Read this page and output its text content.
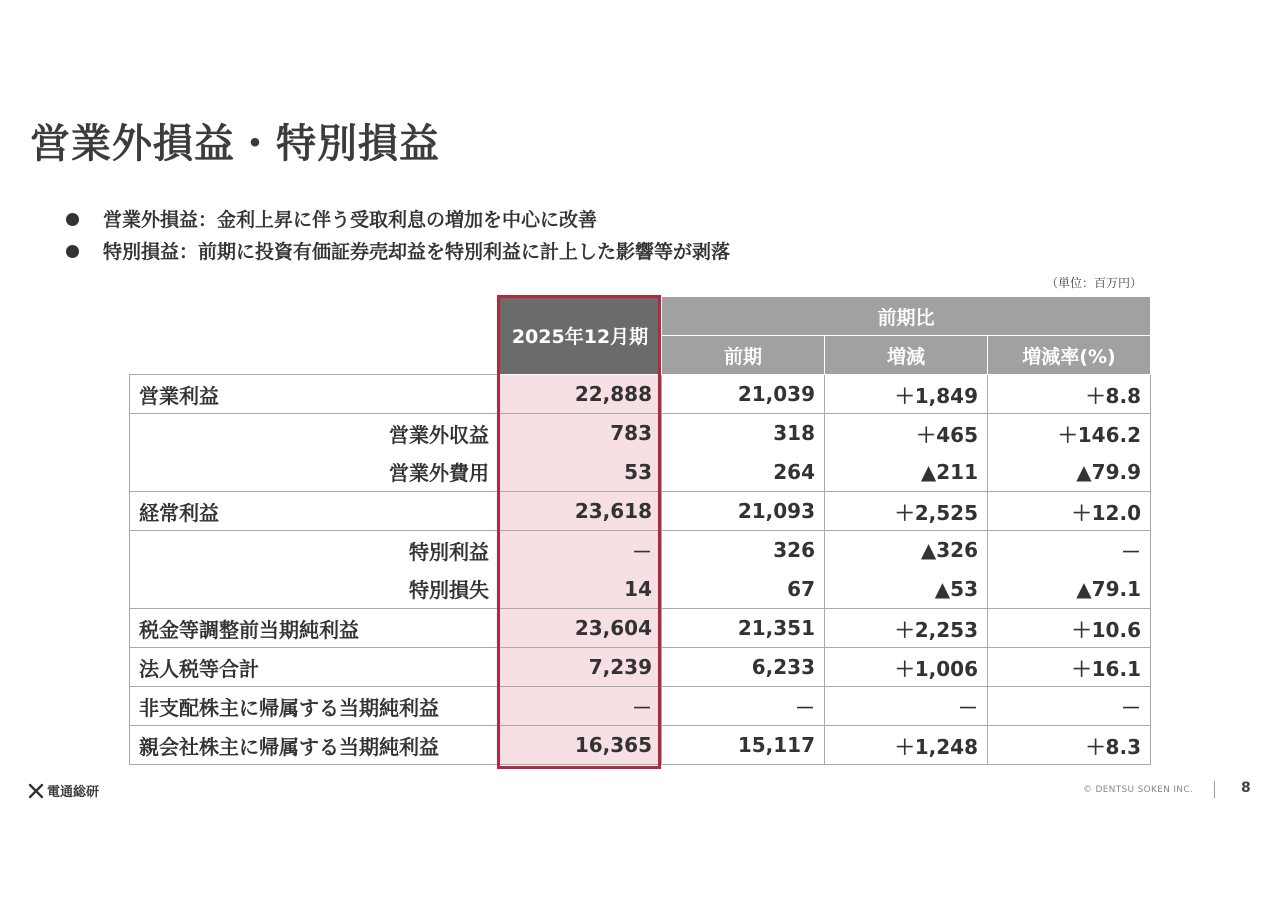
営業外損益・特別損益
営業外損益：金利上昇に伴う受取利息の増加を中心に改善
特別損益：前期に投資有価証券売却益を特別利益に計上した影響等が剥落
（単位：百万円）
	2025年12月期	前期比		
		前期	増減	増減率(%)
営業利益	22,888	21,039	＋1,849	＋8.8
営業外収益	783	318	＋465	＋146.2
営業外費用	53	264	▲211	▲79.9
経常利益	23,618	21,093	＋2,525	＋12.0
特別利益	－	326	▲326	－
特別損失	14	67	▲53	▲79.1
税金等調整前当期純利益	23,604	21,351	＋2,253	＋10.6
法人税等合計	7,239	6,233	＋1,006	＋16.1
非支配株主に帰属する当期純利益	－	－	－	－
親会社株主に帰属する当期純利益	16,365	15,117	＋1,248	＋8.3
電通総研	© DENTSU SOKEN INC.	8
